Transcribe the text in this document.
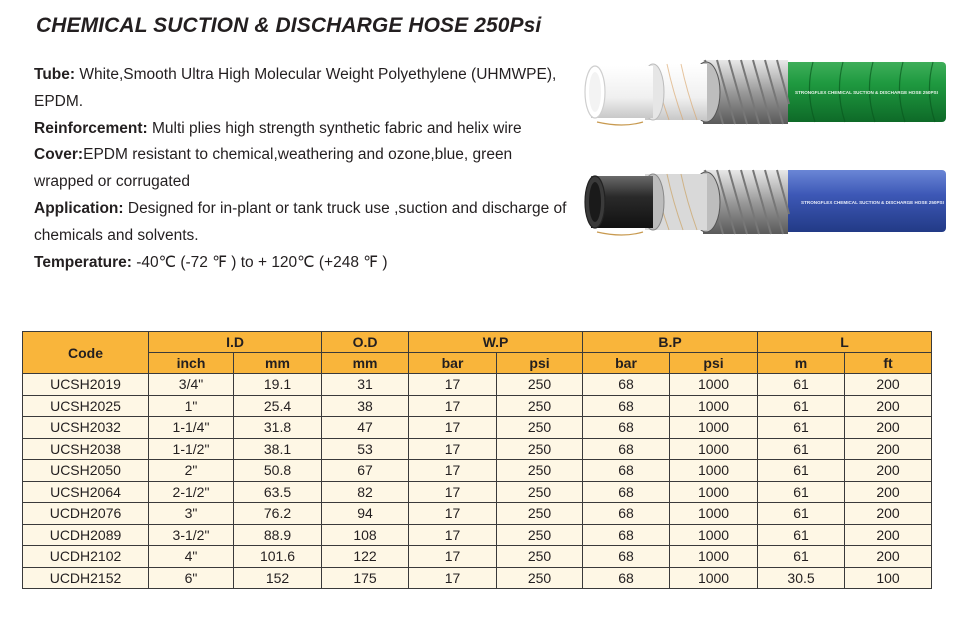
CHEMICAL SUCTION & DISCHARGE HOSE 250Psi
Tube: White,Smooth Ultra High Molecular Weight Polyethylene (UHMWPE), EPDM.
Reinforcement: Multi plies high strength synthetic fabric and helix wire
Cover:EPDM resistant to chemical,weathering and ozone,blue, green wrapped or corrugated
Application: Designed for in-plant or tank truck use ,suction and discharge of chemicals and solvents.
Temperature: -40℃ (-72 ℉ ) to + 120℃ (+248 ℉ )
STRONGFLEX CHEMICAL SUCTION & DISCHARGE HOSE 250PSI
STRONGFLEX CHEMICAL SUCTION & DISCHARGE HOSE 250PSI
Code	I.D		O.D	W.P		B.P		L	
	inch	mm	mm	bar	psi	bar	psi	m	ft
UCSH2019	3/4"	19.1	31	17	250	68	1000	61	200
UCSH2025	1"	25.4	38	17	250	68	1000	61	200
UCSH2032	1-1/4"	31.8	47	17	250	68	1000	61	200
UCSH2038	1-1/2"	38.1	53	17	250	68	1000	61	200
UCSH2050	2"	50.8	67	17	250	68	1000	61	200
UCSH2064	2-1/2"	63.5	82	17	250	68	1000	61	200
UCDH2076	3"	76.2	94	17	250	68	1000	61	200
UCDH2089	3-1/2"	88.9	108	17	250	68	1000	61	200
UCDH2102	4"	101.6	122	17	250	68	1000	61	200
UCDH2152	6"	152	175	17	250	68	1000	30.5	100
